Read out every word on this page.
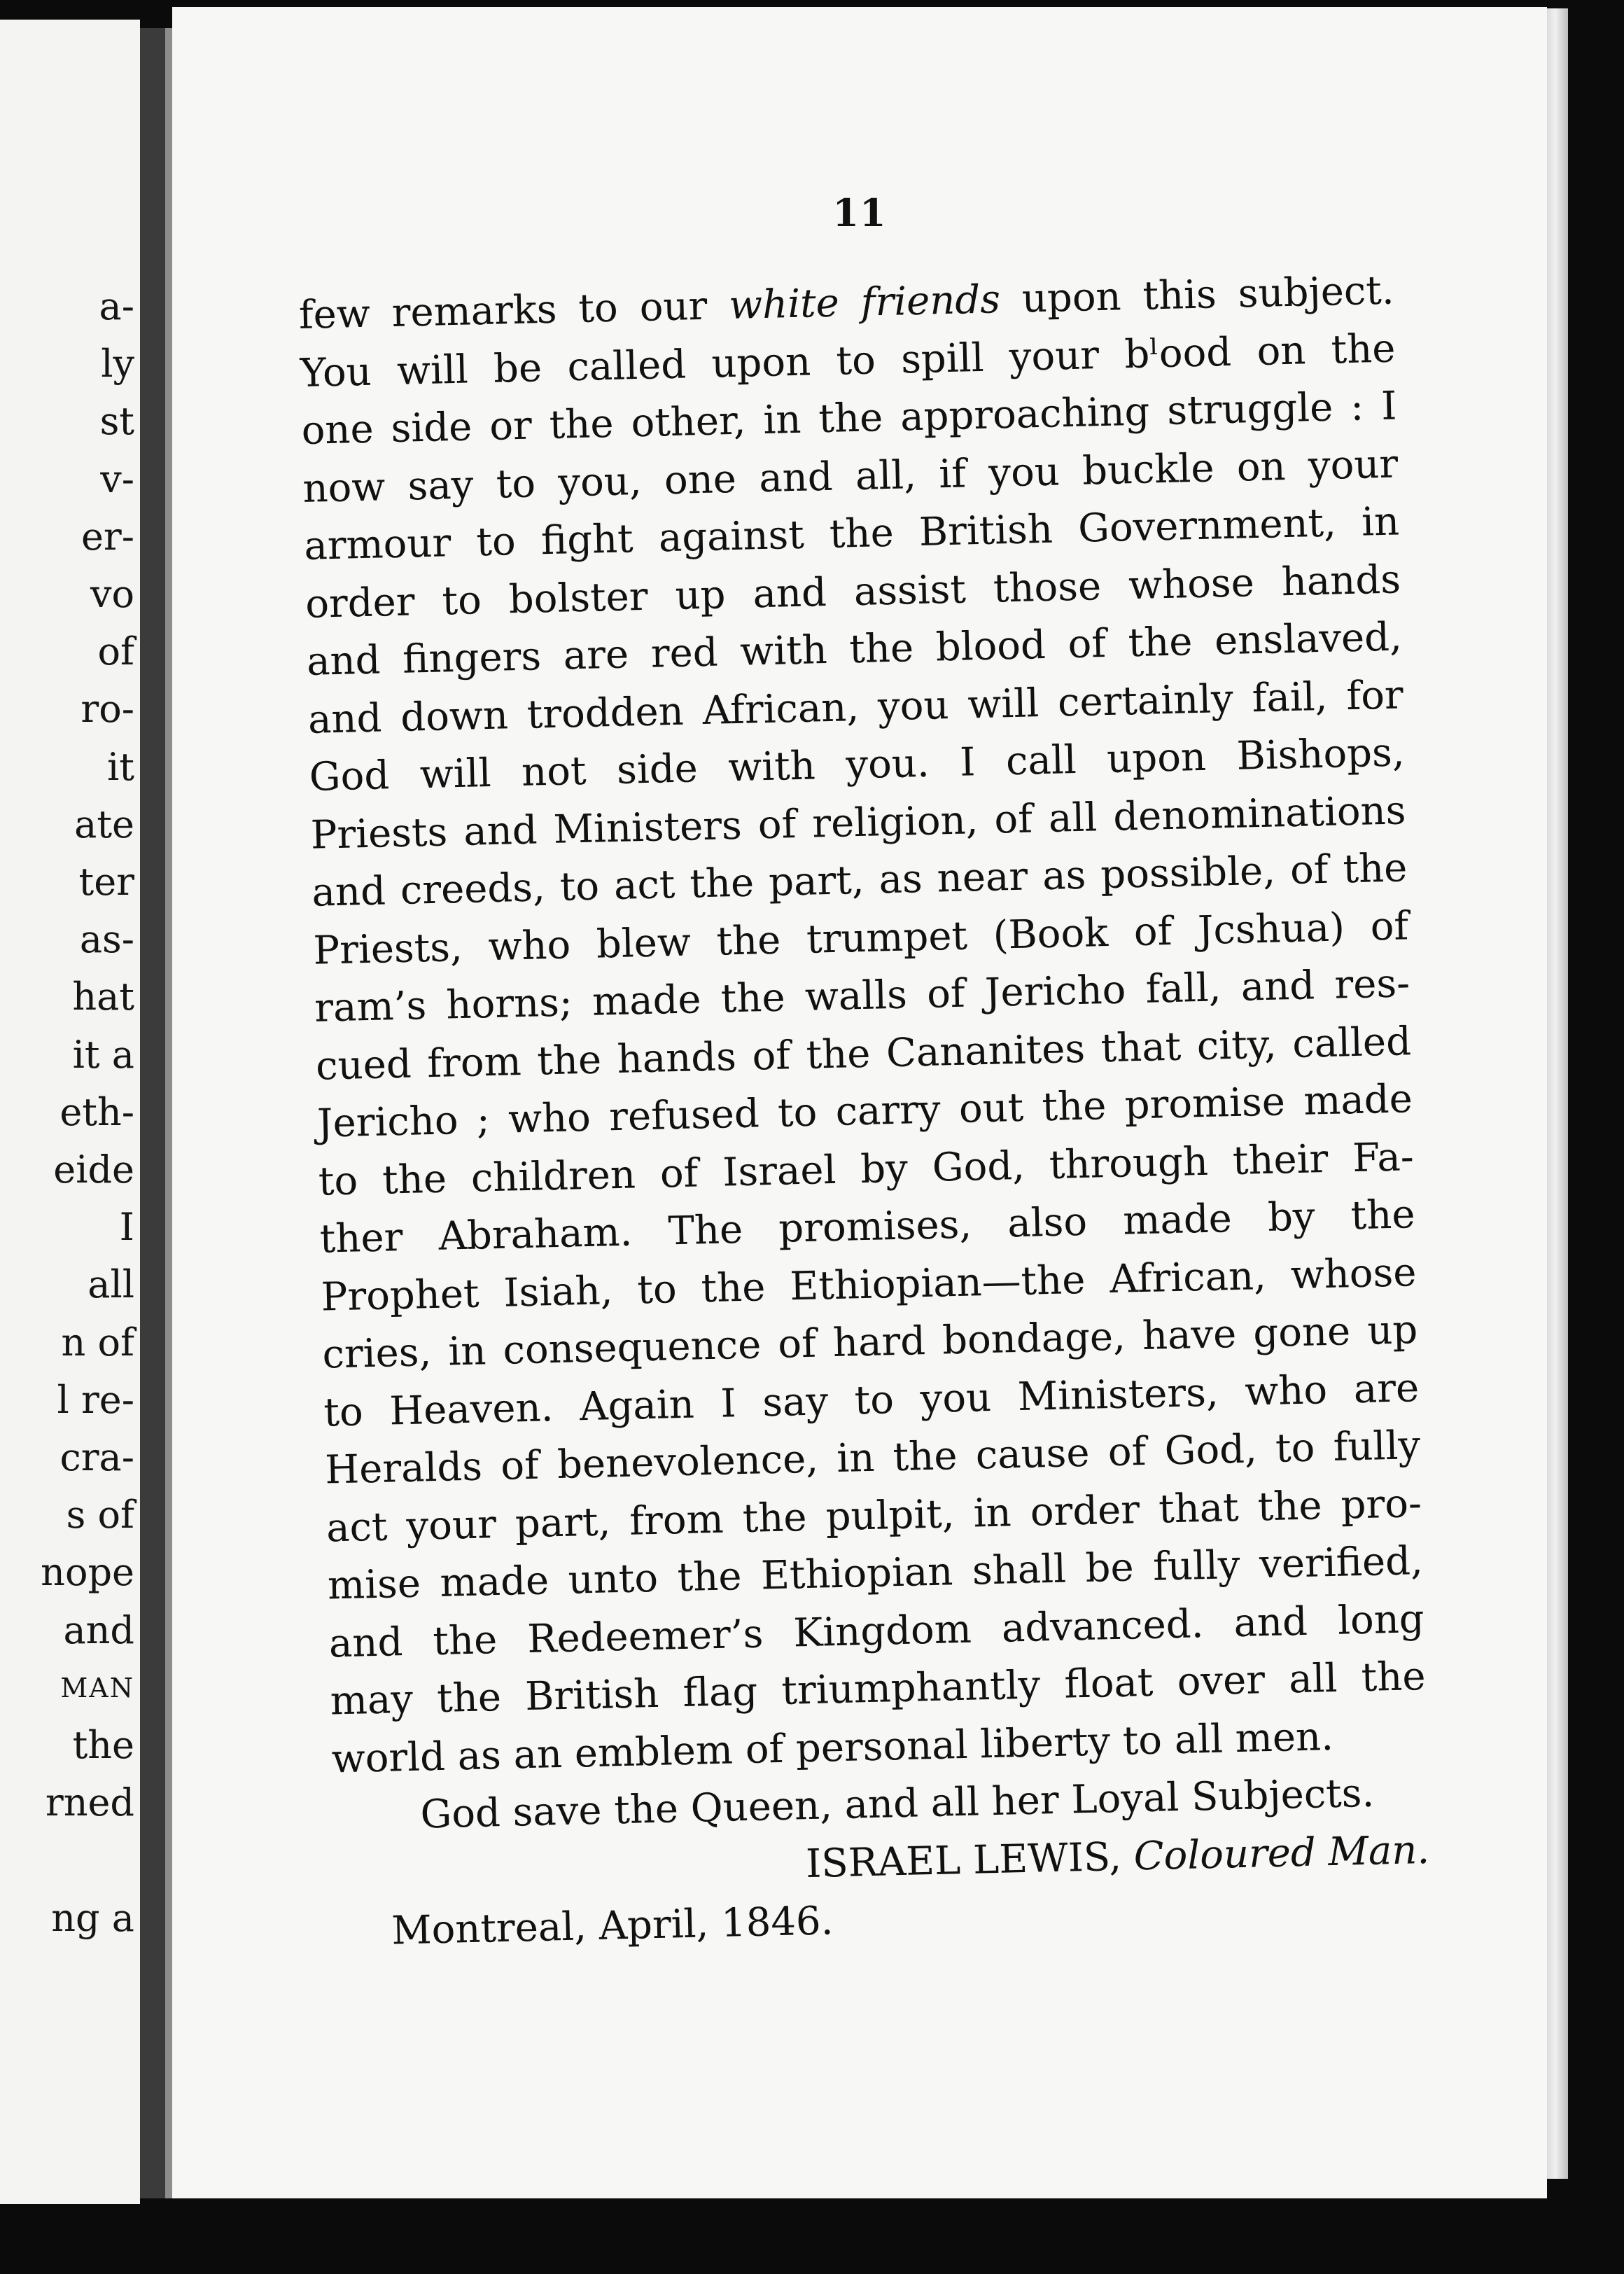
a-
ly
st
v-
er-
vo
of
ro-
it
ate
ter
as-
hat
it a
eth-
eide
I
all
n of
l re-
cra-
s of
nope
and
MAN
the
rned
ng a
11
few remarks to our white friends upon this subject.
You will be called upon to spill your bˡood on the
one side or the other, in the approaching struggle : I
now say to you, one and all, if you buckle on your
armour to fight against the British Government, in
order to bolster up and assist those whose hands
and fingers are red with the blood of the enslaved,
and down trodden African, you will certainly fail, for
God will not side with you. I call upon Bishops,
Priests and Ministers of religion, of all denominations
and creeds, to act the part, as near as possible, of the
Priests, who blew the trumpet (Book of Jcshua) of
ram’s horns; made the walls of Jericho fall, and res-
cued from the hands of the Cananites that city, called
Jericho ; who refused to carry out the promise made
to the children of Israel by God, through their Fa-
ther Abraham. The promises, also made by the
Prophet Isiah, to the Ethiopian—the African, whose
cries, in consequence of hard bondage, have gone up
to Heaven. Again I say to you Ministers, who are
Heralds of benevolence, in the cause of God, to fully
act your part, from the pulpit, in order that the pro-
mise made unto the Ethiopian shall be fully verified,
and the Redeemer’s Kingdom advanced. and long
may the British flag triumphantly float over all the
world as an emblem of personal liberty to all men.
God save the Queen, and all her Loyal Subjects.
ISRAEL LEWIS, Coloured Man.
Montreal, April, 1846.
